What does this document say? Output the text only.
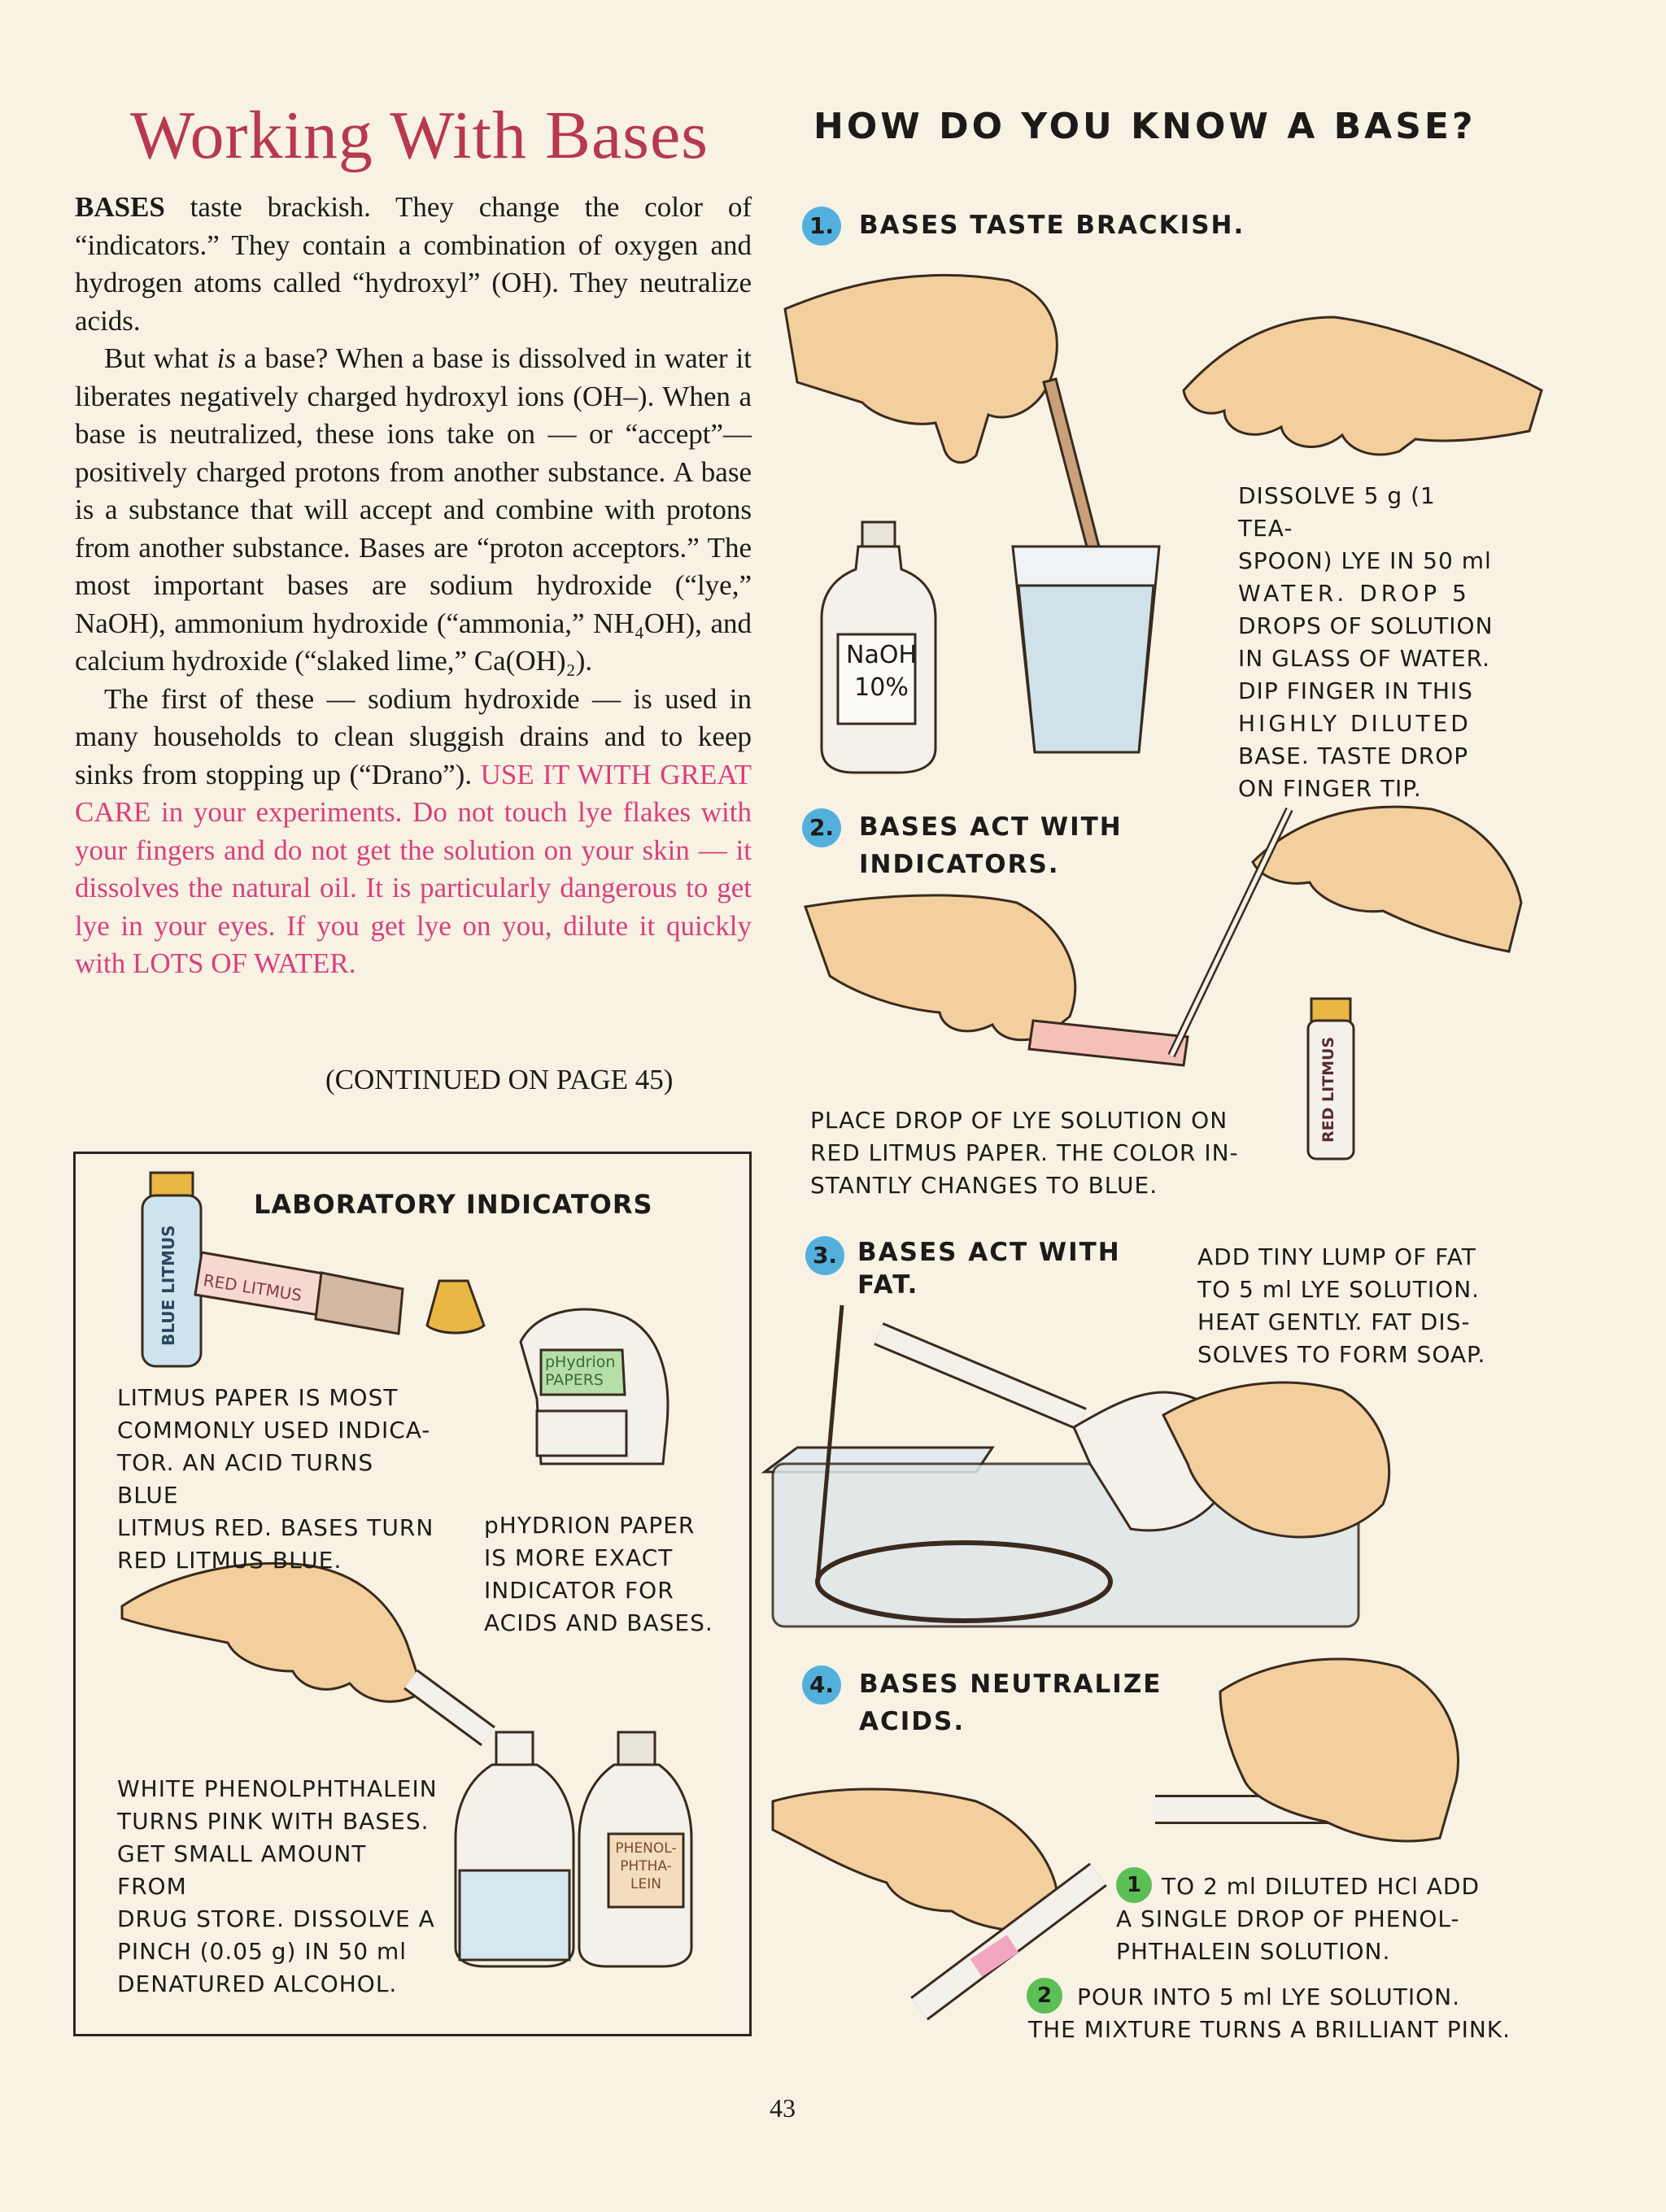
Working With Bases

BASES taste brackish. They change the color of “indicators.” They contain a combination of oxygen and hydrogen atoms called “hydroxyl” (OH). They neutralize acids.

But what is a base? When a base is dissolved in water it liberates negatively charged hydroxyl ions (OH–). When a base is neutralized, these ions take on — or “accept”— positively charged protons from another substance. A base is a substance that will accept and combine with protons from another substance. Bases are “proton acceptors.” The most important bases are sodium hydroxide (“lye,” NaOH), ammonium hydroxide (“ammonia,” NH₄OH), and calcium hydroxide (“slaked lime,” Ca(OH)₂).

The first of these — sodium hydroxide — is used in many households to clean sluggish drains and to keep sinks from stopping up (“Drano”). USE IT WITH GREAT CARE in your experiments. Do not touch lye flakes with your fingers and do not get the solution on your skin — it dissolves the natural oil. It is particularly dangerous to get lye in your eyes. If you get lye on you, dilute it quickly with LOTS OF WATER.

(CONTINUED ON PAGE 45)
LABORATORY INDICATORS
BLUE LITMUS RED LITMUS
pHydrion
PAPERS
LITMUS PAPER IS MOST
COMMONLY USED INDICA-
TOR. AN ACID TURNS BLUE
LITMUS RED. BASES TURN
RED LITMUS BLUE.
pHYDRION PAPER
IS MORE EXACT
INDICATOR FOR
ACIDS AND BASES.
WHITE PHENOLPHTHALEIN
TURNS PINK WITH BASES.
GET SMALL AMOUNT FROM
DRUG STORE. DISSOLVE A
PINCH (0.05 g) IN 50 ml
DENATURED ALCOHOL.
PHENOL-
PHTHA-
LEIN
HOW DO YOU KNOW A BASE?
1. BASES TASTE BRACKISH.
NaOH
10%
DISSOLVE 5 g (1 TEA-
SPOON) LYE IN 50 ml
WATER. DROP 5
DROPS OF SOLUTION
IN GLASS OF WATER.
DIP FINGER IN THIS
HIGHLY DILUTED
BASE. TASTE DROP
ON FINGER TIP.
2. BASES ACT WITH
INDICATORS.
PLACE DROP OF LYE SOLUTION ON
RED LITMUS PAPER. THE COLOR IN-
STANTLY CHANGES TO BLUE.
RED LITMUS
3. BASES ACT WITH
FAT.
ADD TINY LUMP OF FAT
TO 5 ml LYE SOLUTION.
HEAT GENTLY. FAT DIS-
SOLVES TO FORM SOAP.
4. BASES NEUTRALIZE
ACIDS.
1 TO 2 ml DILUTED HCl ADD
A SINGLE DROP OF PHENOL-
PHTHALEIN SOLUTION.
2	POUR INTO 5 ml LYE SOLUTION.
THE MIXTURE TURNS A BRILLIANT PINK.
43
